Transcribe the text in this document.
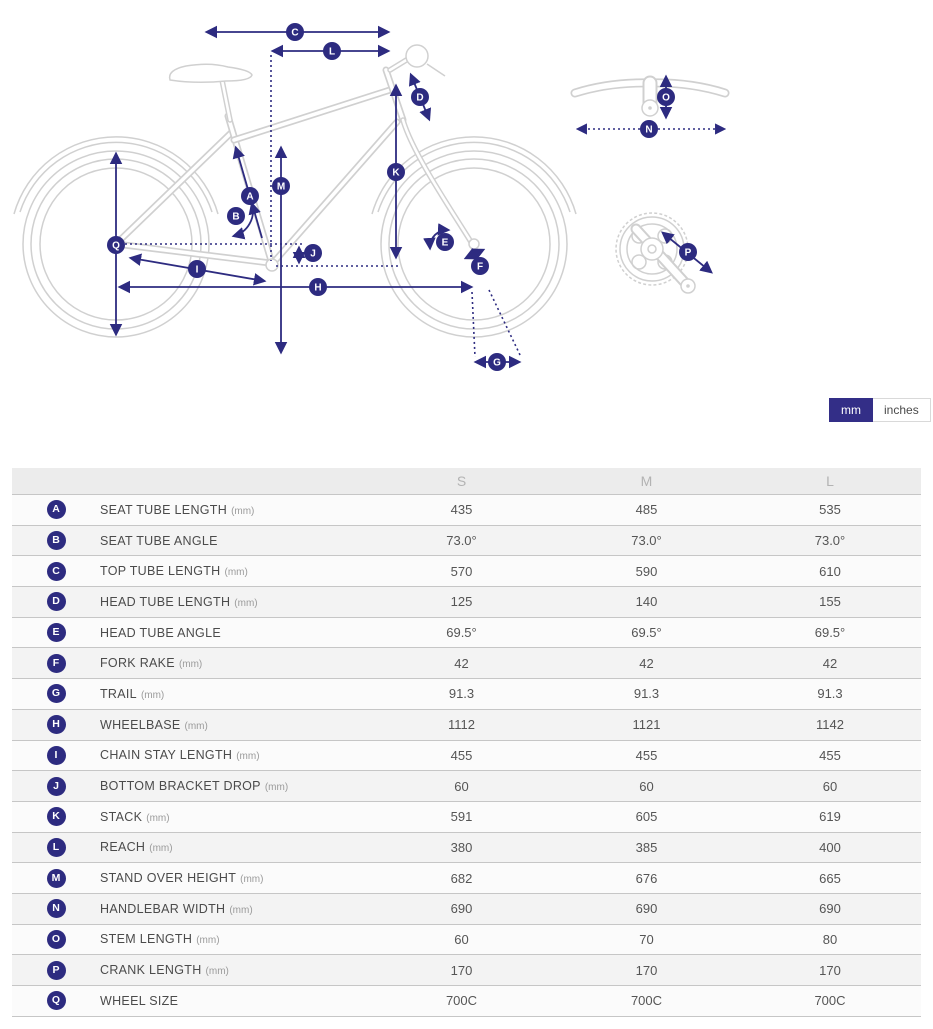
A
B
C
D
E
F
G
H
I
J
K
L
M
N
O
P
Q
mm	inches
S	M	L
A	SEAT TUBE LENGTH (mm)	435	485	535
B	SEAT TUBE ANGLE	73.0°	73.0°	73.0°
C	TOP TUBE LENGTH (mm)	570	590	610
D	HEAD TUBE LENGTH (mm)	125	140	155
E	HEAD TUBE ANGLE	69.5°	69.5°	69.5°
F	FORK RAKE (mm)	42	42	42
G	TRAIL (mm)	91.3	91.3	91.3
H	WHEELBASE (mm)	1112	1121	1142
I	CHAIN STAY LENGTH (mm)	455	455	455
J	BOTTOM BRACKET DROP (mm)	60	60	60
K	STACK (mm)	591	605	619
L	REACH (mm)	380	385	400
M	STAND OVER HEIGHT (mm)	682	676	665
N	HANDLEBAR WIDTH (mm)	690	690	690
O	STEM LENGTH (mm)	60	70	80
P	CRANK LENGTH (mm)	170	170	170
Q	WHEEL SIZE	700C	700C	700C
